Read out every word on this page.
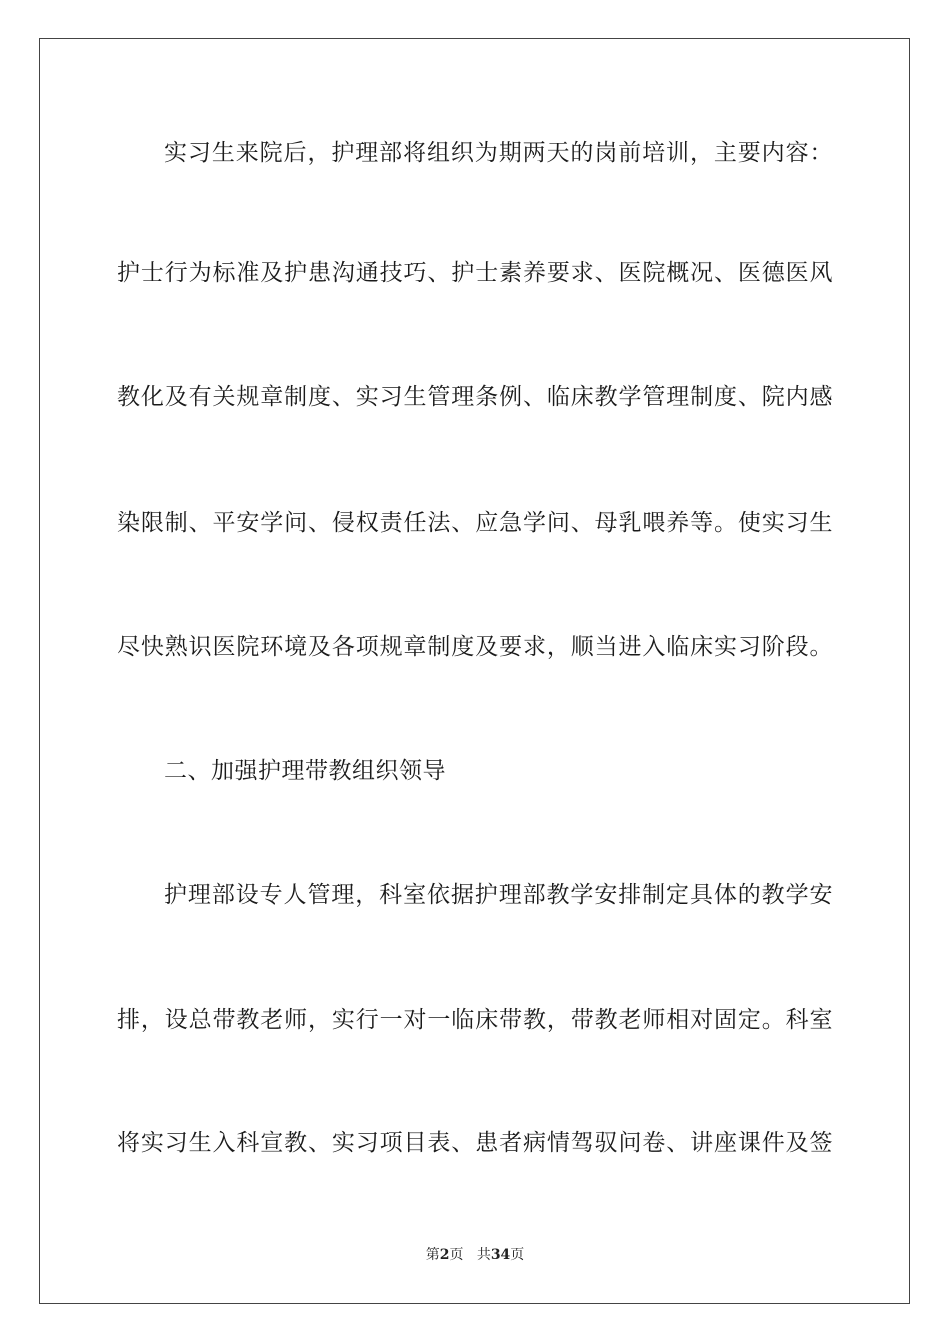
实习生来院后，护理部将组织为期两天的岗前培训，主要内容：
护士行为标准及护患沟通技巧、护士素养要求、医院概况、医德医风
教化及有关规章制度、实习生管理条例、临床教学管理制度、院内感
染限制、平安学问、侵权责任法、应急学问、母乳喂养等。使实习生
尽快熟识医院环境及各项规章制度及要求，顺当进入临床实习阶段。
二、加强护理带教组织领导
护理部设专人管理，科室依据护理部教学安排制定具体的教学安
排，设总带教老师，实行一对一临床带教，带教老师相对固定。科室
将实习生入科宣教、实习项目表、患者病情驾驭问卷、讲座课件及签
第2页 共34页
